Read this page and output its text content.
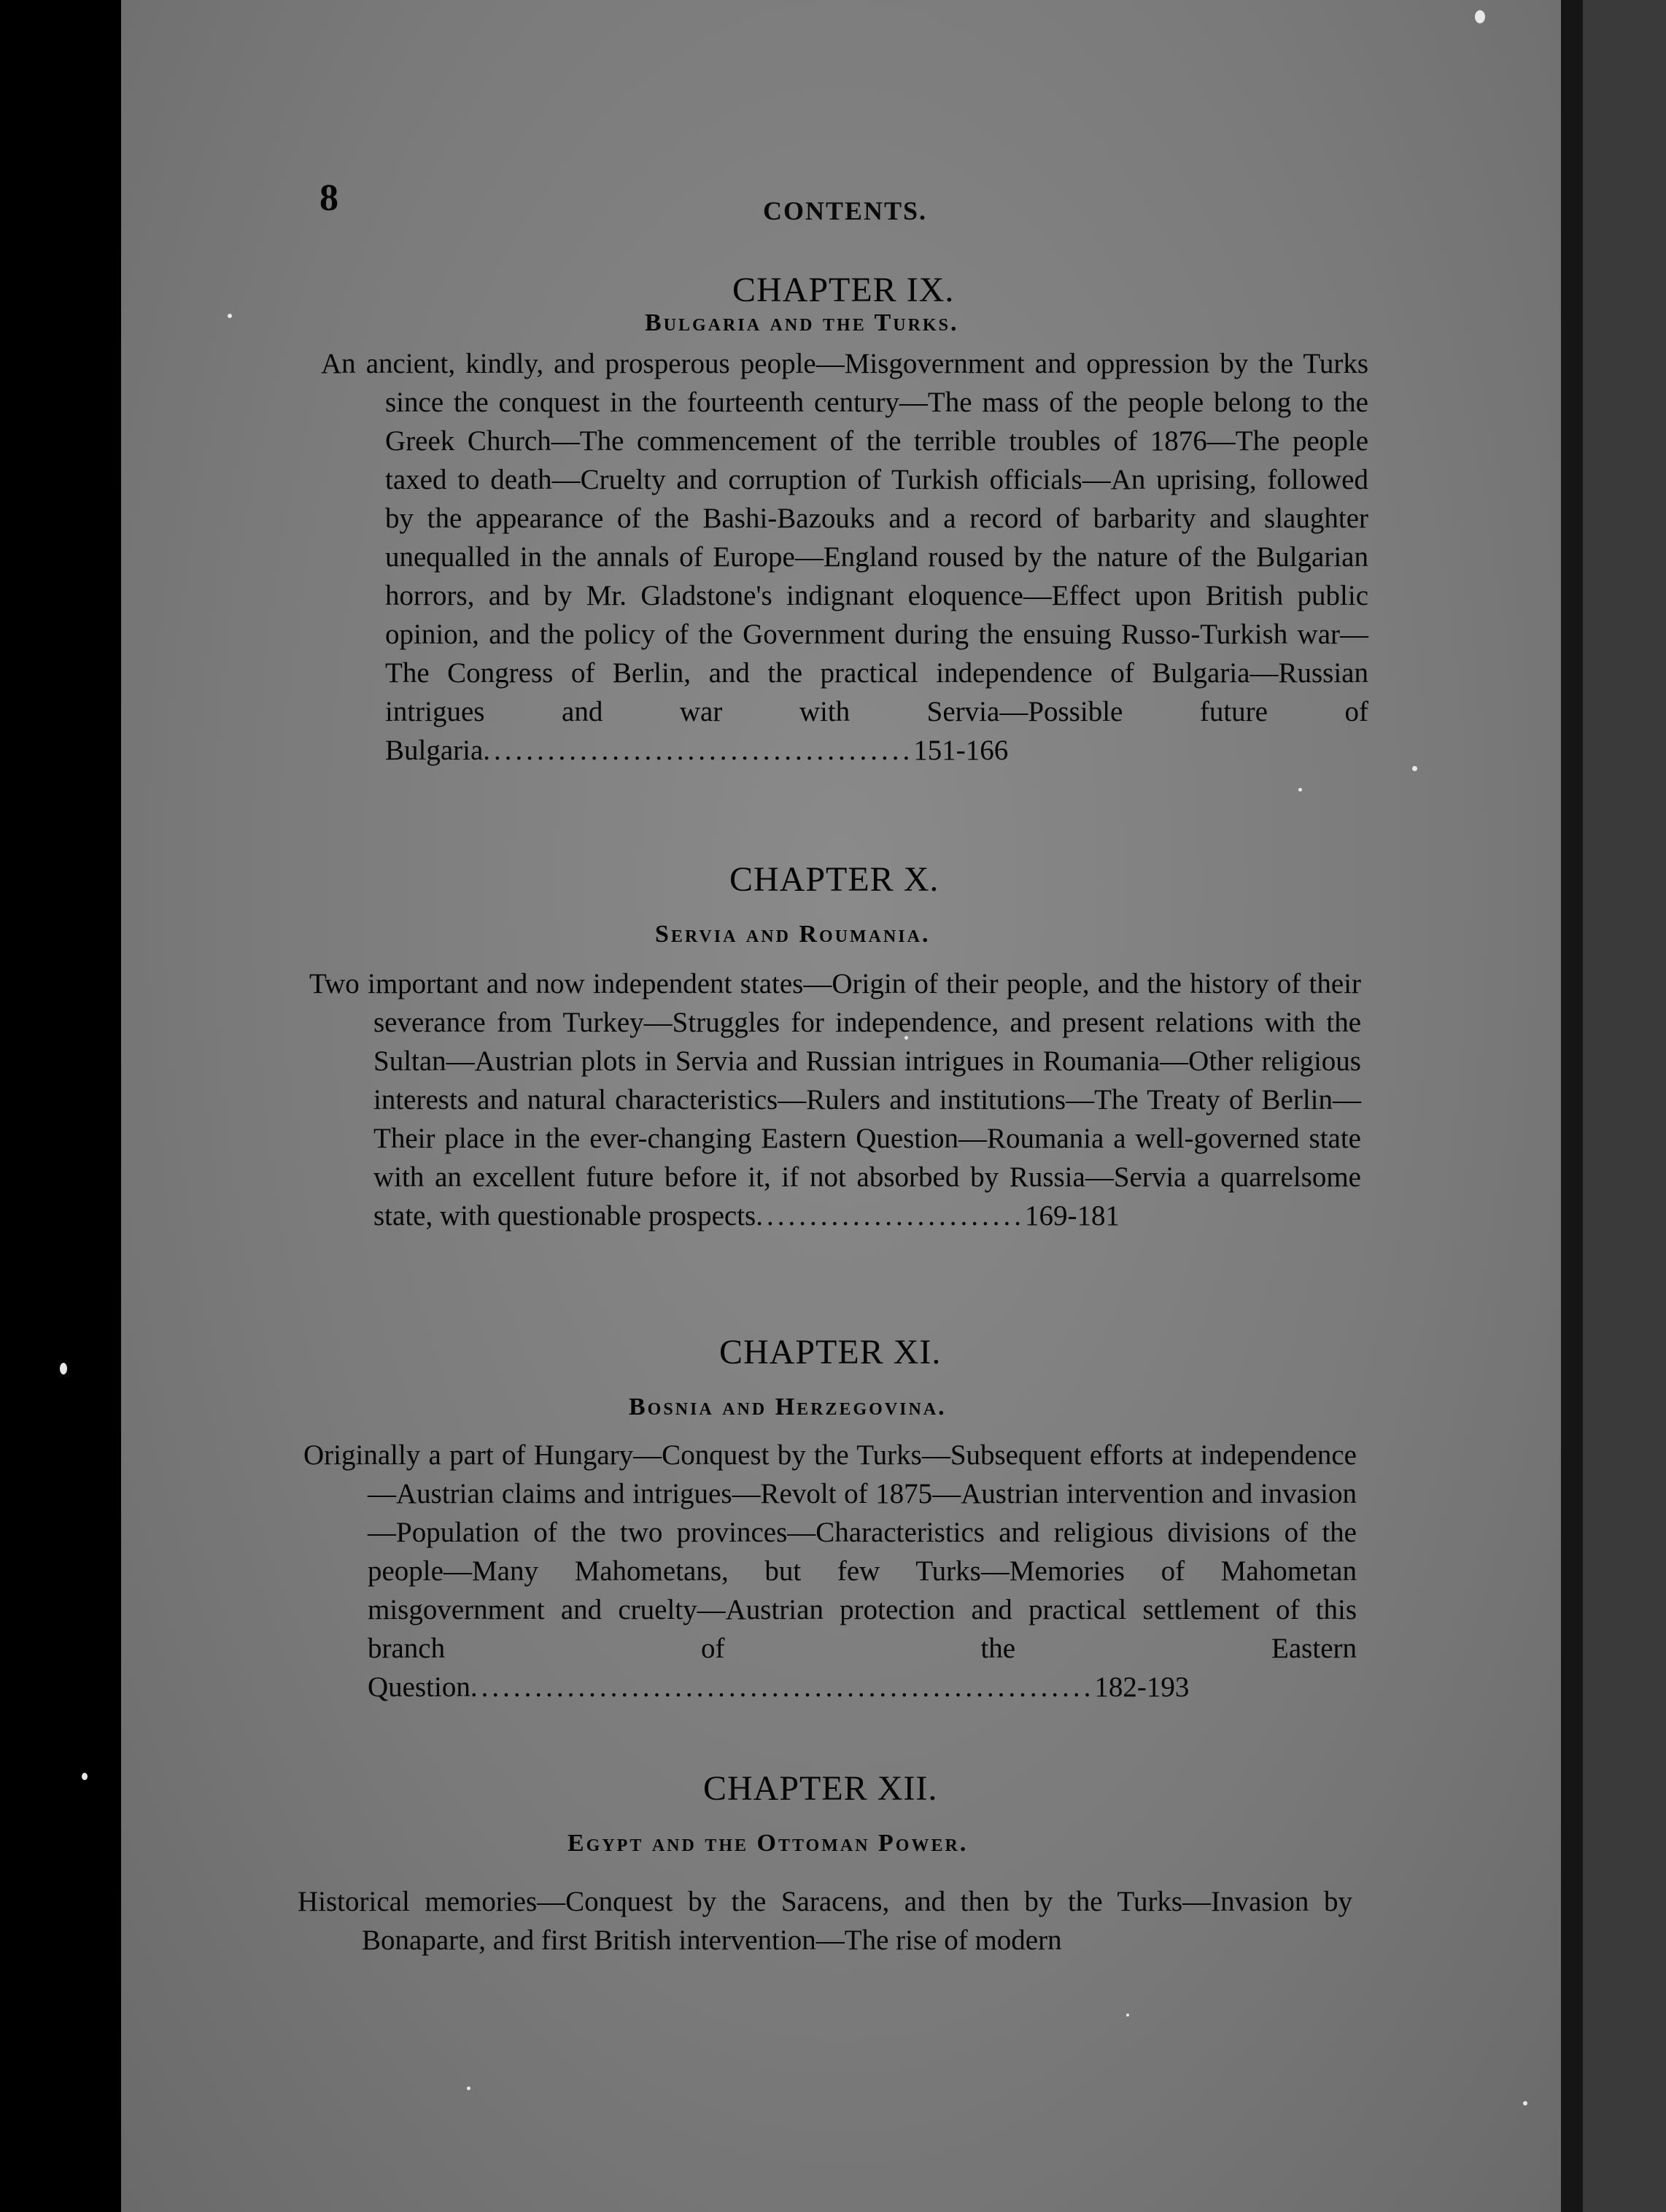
8	CONTENTS.
CHAPTER IX.
Bulgaria and the Turks.
An ancient, kindly, and prosperous people—Misgovernment and oppression by the Turks since the conquest in the fourteenth century—The mass of the people belong to the Greek Church—The commencement of the terrible troubles of 1876—The people taxed to death—Cruelty and corruption of Turkish officials—An uprising, followed by the appearance of the Bashi-Bazouks and a record of barbarity and slaughter unequalled in the annals of Europe—England roused by the nature of the Bulgarian horrors, and by Mr. Gladstone's indignant eloquence—Effect upon British public opinion, and the policy of the Government during the ensuing Russo-Turkish war—The Congress of Berlin, and the practical independence of Bulgaria—Russian intrigues and war with Servia—Possible future of Bulgaria........................................151-166
CHAPTER X.
Servia and Roumania.
Two important and now independent states—Origin of their people, and the history of their severance from Turkey—Struggles for independence, and present relations with the Sultan—Austrian plots in Servia and Russian intrigues in Roumania—Other religious interests and natural characteristics—Rulers and institutions—The Treaty of Berlin—Their place in the ever-changing Eastern Question—Roumania a well-governed state with an excellent future before it, if not absorbed by Russia—Servia a quarrelsome state, with questionable prospects.........................169-181
CHAPTER XI.
Bosnia and Herzegovina.
Originally a part of Hungary—Conquest by the Turks—Subsequent efforts at independence—Austrian claims and intrigues—Revolt of 1875—Austrian intervention and invasion—Population of the two provinces—Characteristics and religious divisions of the people—Many Mahometans, but few Turks—Memories of Mahometan misgovernment and cruelty—Austrian protection and practical settlement of this branch of the Eastern Question..........................................................182-193
CHAPTER XII.
Egypt and the Ottoman Power.
Historical memories—Conquest by the Saracens, and then by the Turks—Invasion by Bonaparte, and first British intervention—The rise of modern
